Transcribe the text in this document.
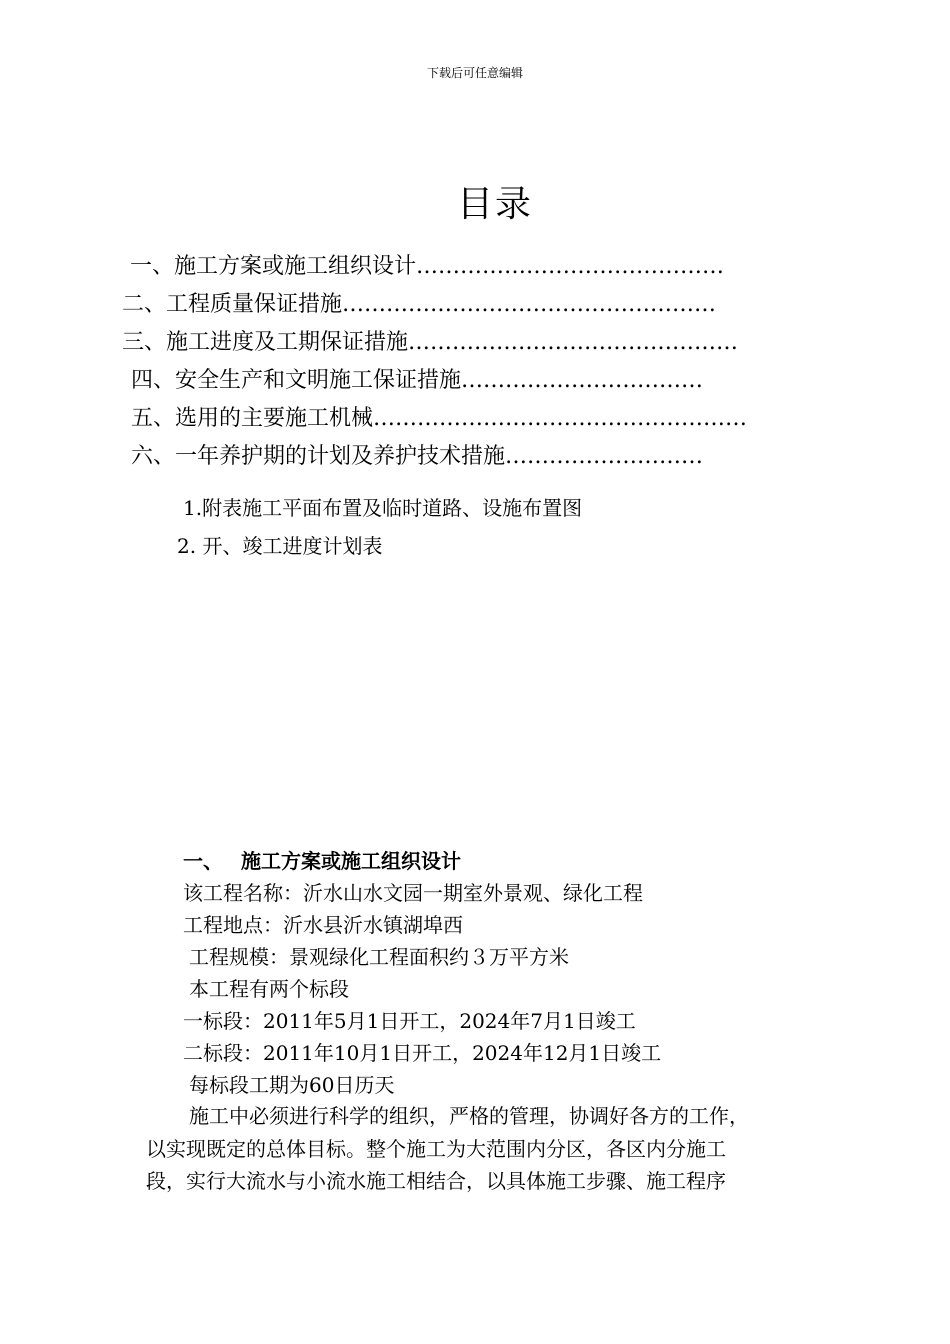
下载后可任意编辑
目录
一、施工方案或施工组织设计……………………………………
二、工程质量保证措施……………………………………………
三、施工进度及工期保证措施………………………………………
四、安全生产和文明施工保证措施……………………………
五、选用的主要施工机械……………………………………………
六、一年养护期的计划及养护技术措施………………………
1.附表施工平面布置及临时道路、设施布置图
2. 开、竣工进度计划表
一、 施工方案或施工组织设计
该工程名称：沂水山水文园一期室外景观、绿化工程
工程地点：沂水县沂水镇湖埠西
工程规模：景观绿化工程面积约３万平方米
本工程有两个标段
一标段：2011年5月1日开工，2024年7月1日竣工
二标段：2011年10月1日开工，2024年12月1日竣工
每标段工期为60日历天
施工中必须进行科学的组织，严格的管理，协调好各方的工作，
以实现既定的总体目标。整个施工为大范围内分区，各区内分施工
段，实行大流水与小流水施工相结合，以具体施工步骤、施工程序
